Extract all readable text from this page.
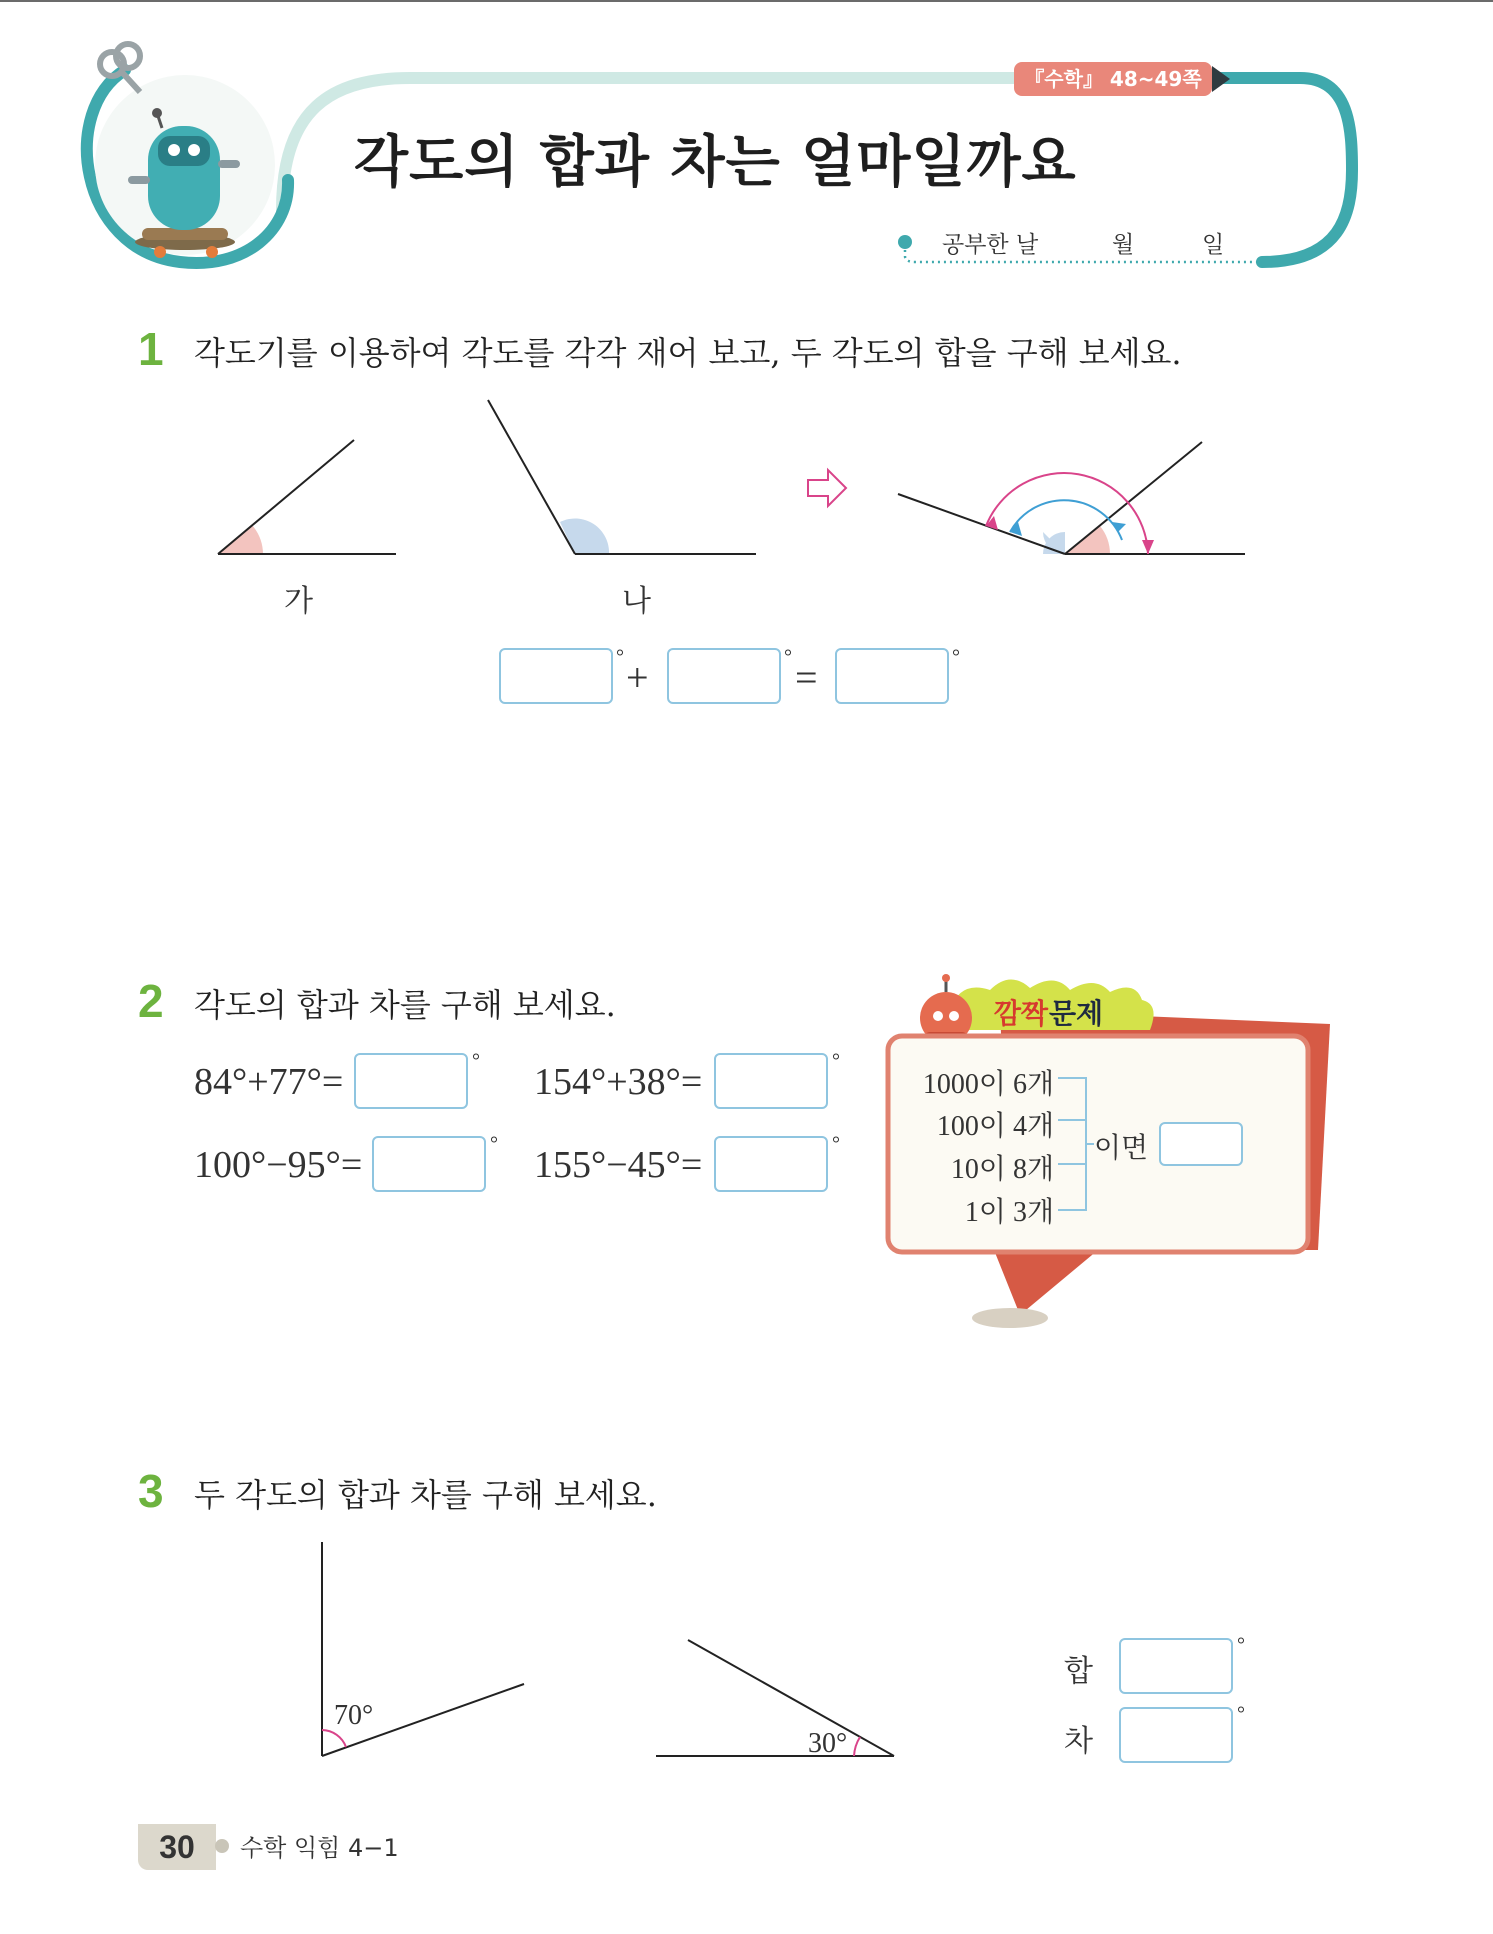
『수학』 48~49쪽
각도의 합과 차는 얼마일까요
공부한 날	월	일
1 각도기를 이용하여 각도를 각각 재어 보고, 두 각도의 합을 구해 보세요.
가	나
° +	° =	°
2 각도의 합과 차를 구해 보세요.
84°+77°=	° 154°+38°=	°
100°−95°=	° 155°−45°=	°
깜짝 문제
1000이 6개
100이 4개
10이 8개
1이 3개
이면
3 두 각도의 합과 차를 구해 보세요.
70°
30°
합
°
차
°
30	수학 익힘 4−1
